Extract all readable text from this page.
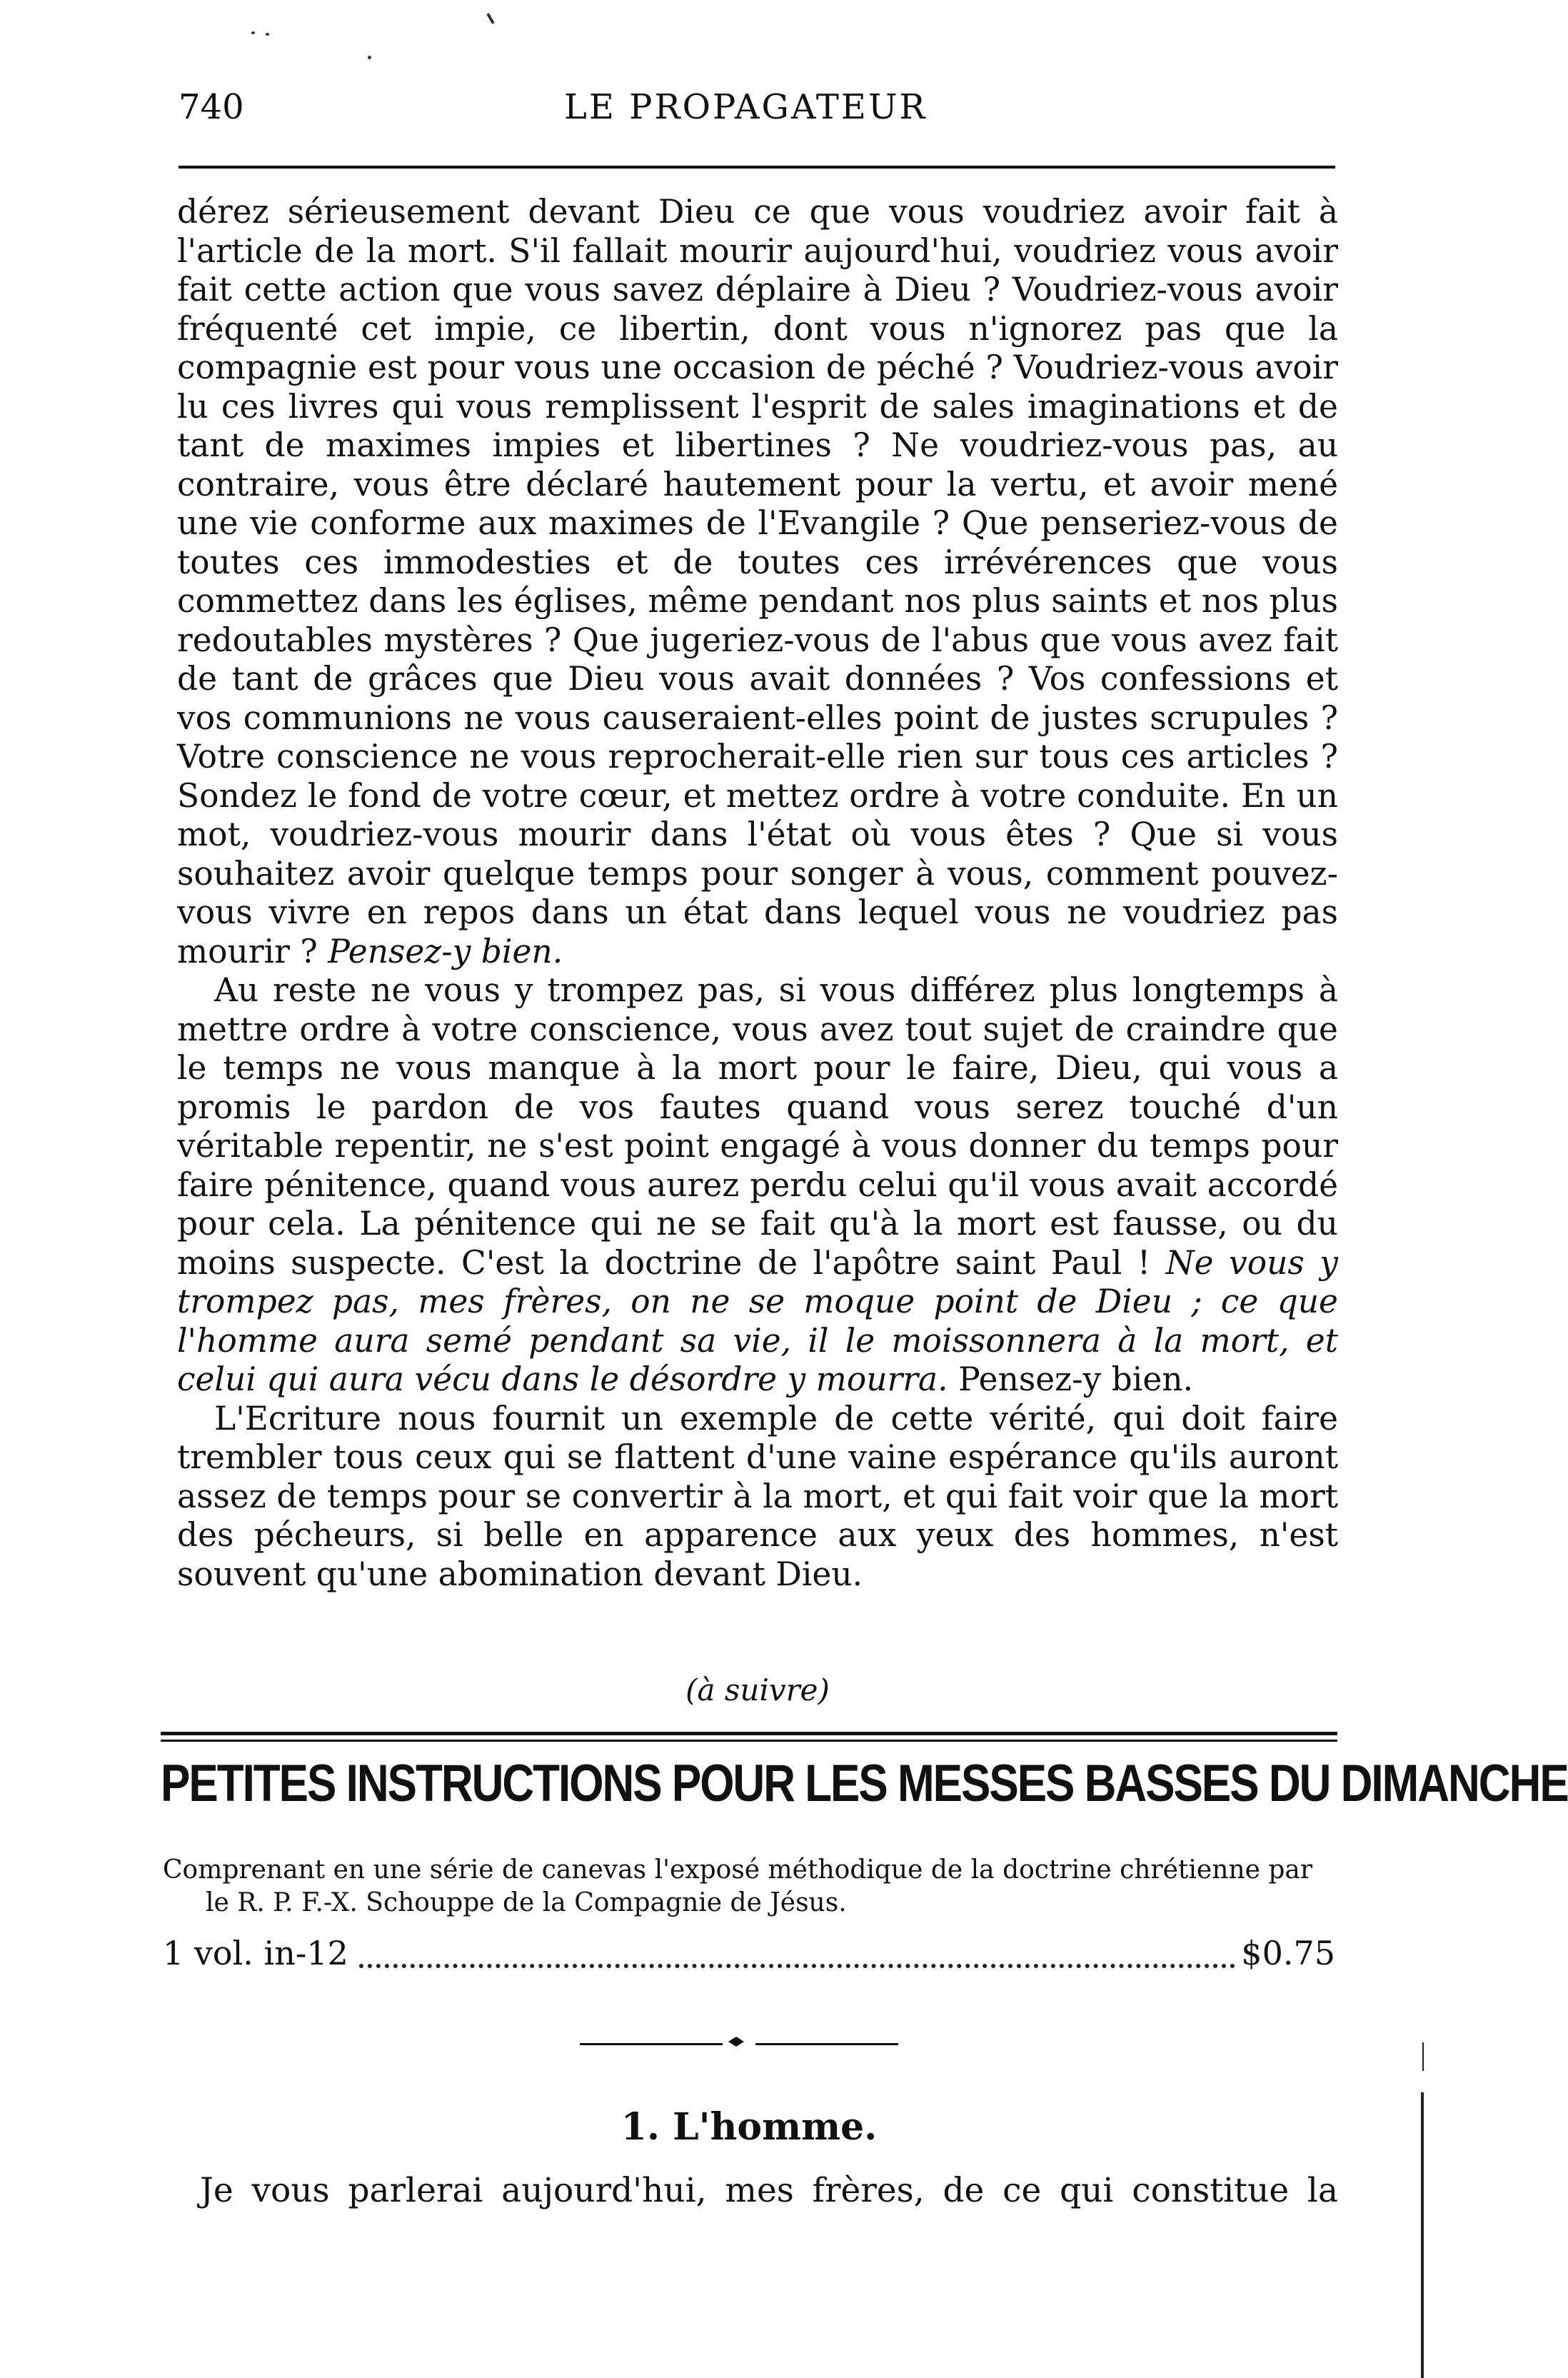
740	LE PROPAGATEUR

dérez sérieusement devant Dieu ce que vous voudriez avoir fait à l'article de la mort. S'il fallait mourir aujourd'hui, voudriez vous avoir fait cette action que vous savez déplaire à Dieu ? Voudriez-vous avoir fréquenté cet impie, ce libertin, dont vous n'ignorez pas que la compagnie est pour vous une occasion de péché ? Voudriez-vous avoir lu ces livres qui vous remplissent l'esprit de sales imaginations et de tant de maximes impies et libertines ? Ne voudriez-vous pas, au contraire, vous être déclaré hautement pour la vertu, et avoir mené une vie conforme aux maximes de l'Evangile ? Que penseriez-vous de toutes ces immodesties et de toutes ces irrévérences que vous commettez dans les églises, même pendant nos plus saints et nos plus redoutables mystères ? Que jugeriez-vous de l'abus que vous avez fait de tant de grâces que Dieu vous avait données ? Vos confessions et vos communions ne vous causeraient-elles point de justes scrupules ? Votre conscience ne vous reprocherait-elle rien sur tous ces articles ? Sondez le fond de votre cœur, et mettez ordre à votre conduite. En un mot, voudriez-vous mourir dans l'état où vous êtes ? Que si vous souhaitez avoir quelque temps pour songer à vous, comment pouvez-vous vivre en repos dans un état dans lequel vous ne voudriez pas mourir ? Pensez-y bien.

Au reste ne vous y trompez pas, si vous différez plus longtemps à mettre ordre à votre conscience, vous avez tout sujet de craindre que le temps ne vous manque à la mort pour le faire, Dieu, qui vous a promis le pardon de vos fautes quand vous serez touché d'un véritable repentir, ne s'est point engagé à vous donner du temps pour faire pénitence, quand vous aurez perdu celui qu'il vous avait accordé pour cela. La pénitence qui ne se fait qu'à la mort est fausse, ou du moins suspecte. C'est la doctrine de l'apôtre saint Paul ! Ne vous y trompez pas, mes frères, on ne se moque point de Dieu ; ce que l'homme aura semé pendant sa vie, il le moissonnera à la mort, et celui qui aura vécu dans le désordre y mourra. Pensez-y bien.

L'Ecriture nous fournit un exemple de cette vérité, qui doit faire trembler tous ceux qui se flattent d'une vaine espérance qu'ils auront assez de temps pour se convertir à la mort, et qui fait voir que la mort des pécheurs, si belle en apparence aux yeux des hommes, n'est souvent qu'une abomination devant Dieu.

(à suivre)
PETITES INSTRUCTIONS POUR LES MESSES BASSES DU DIMANCHE
Comprenant en une série de canevas l'exposé méthodique de la doctrine chrétienne par le R. P. F.-X. Schouppe de la Compagnie de Jésus.
1 vol. in-12	$0.75
1. L'homme.
Je vous parlerai aujourd'hui, mes frères, de ce qui constitue la
